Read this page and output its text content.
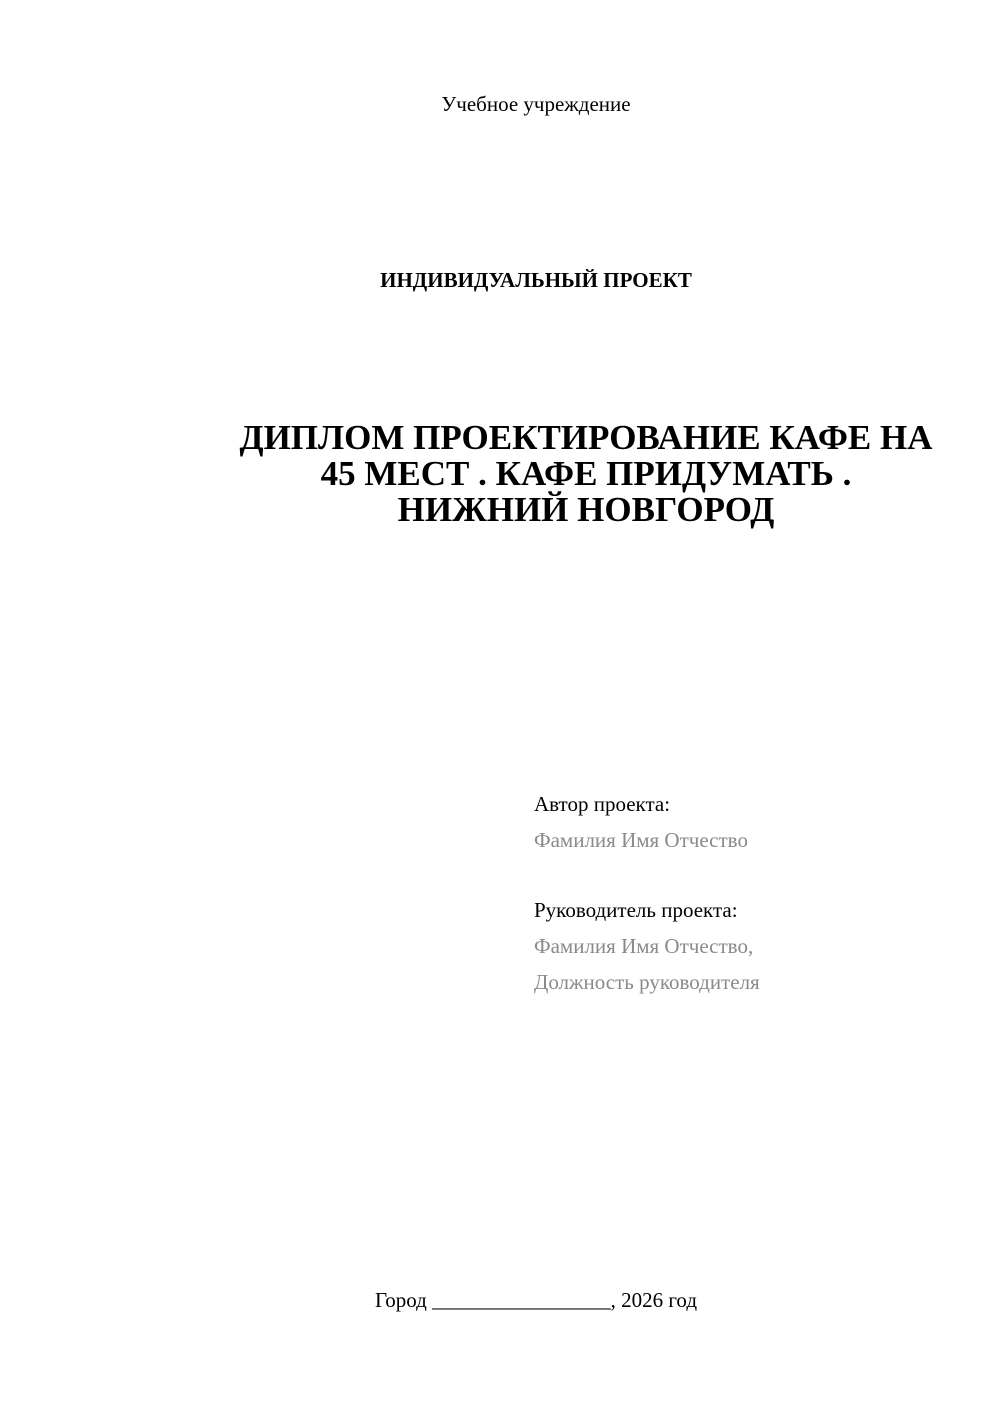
Учебное учреждение
ИНДИВИДУАЛЬНЫЙ ПРОЕКТ
ДИПЛОМ ПРОЕКТИРОВАНИЕ КАФЕ НА
45 МЕСТ . КАФЕ ПРИДУМАТЬ .
НИЖНИЙ НОВГОРОД
Автор проекта:
Фамилия Имя Отчество
Руководитель проекта:
Фамилия Имя Отчество,
Должность руководителя
Город _________________, 2026 год
